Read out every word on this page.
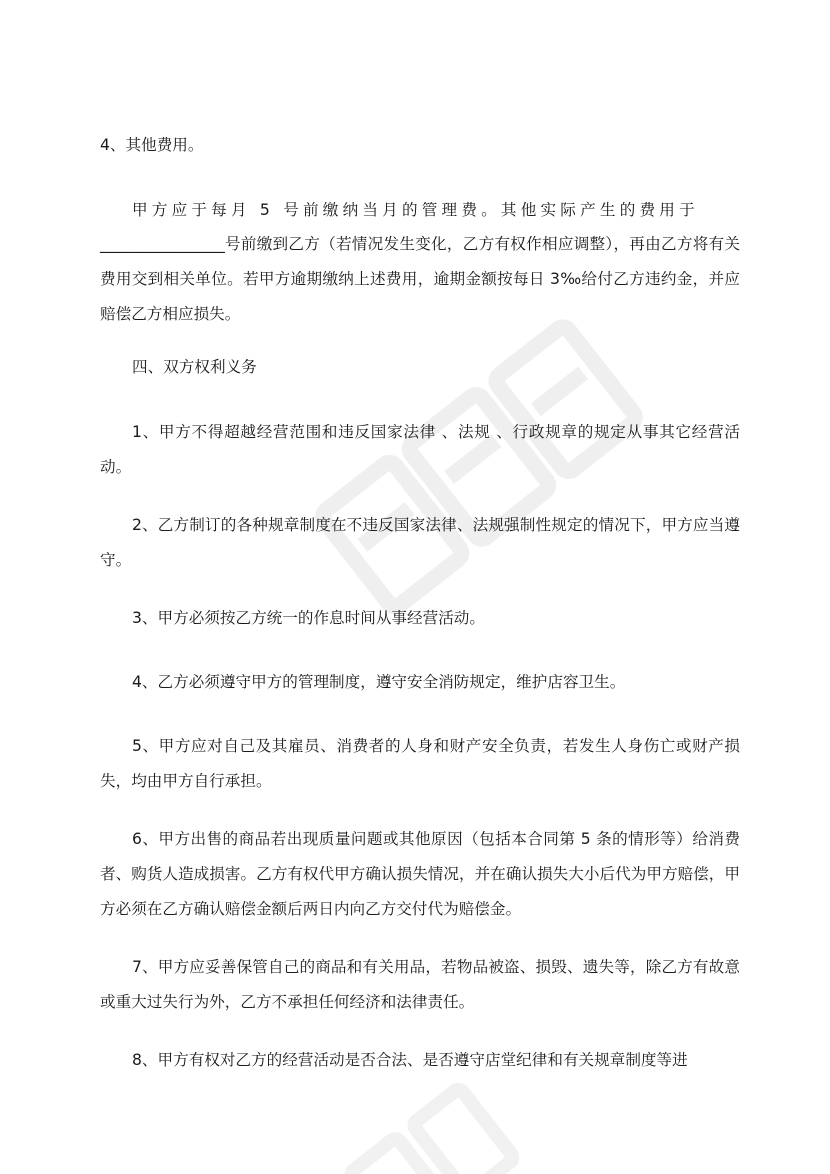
4、其他费用。

甲方应于每月 5 号前缴纳当月的管理费。其他实际产生的费用于

________________号前缴到乙方（若情况发生变化，乙方有权作相应调整），再由乙方将有关费用交到相关单位。若甲方逾期缴纳上述费用，逾期金额按每日 3‰给付乙方违约金，并应赔偿乙方相应损失。

四、双方权利义务

1、甲方不得超越经营范围和违反国家法律 、法规 、行政规章的规定从事其它经营活动。

2、乙方制订的各种规章制度在不违反国家法律、法规强制性规定的情况下，甲方应当遵守。

3、甲方必须按乙方统一的作息时间从事经营活动。

4、乙方必须遵守甲方的管理制度，遵守安全消防规定，维护店容卫生。

5、甲方应对自己及其雇员、消费者的人身和财产安全负责，若发生人身伤亡或财产损失，均由甲方自行承担。

6、甲方出售的商品若出现质量问题或其他原因（包括本合同第 5 条的情形等）给消费者、购货人造成损害。乙方有权代甲方确认损失情况，并在确认损失大小后代为甲方赔偿，甲方必须在乙方确认赔偿金额后两日内向乙方交付代为赔偿金。

7、甲方应妥善保管自己的商品和有关用品，若物品被盗、损毁、遗失等，除乙方有故意或重大过失行为外，乙方不承担任何经济和法律责任。

8、甲方有权对乙方的经营活动是否合法、是否遵守店堂纪律和有关规章制度等进
